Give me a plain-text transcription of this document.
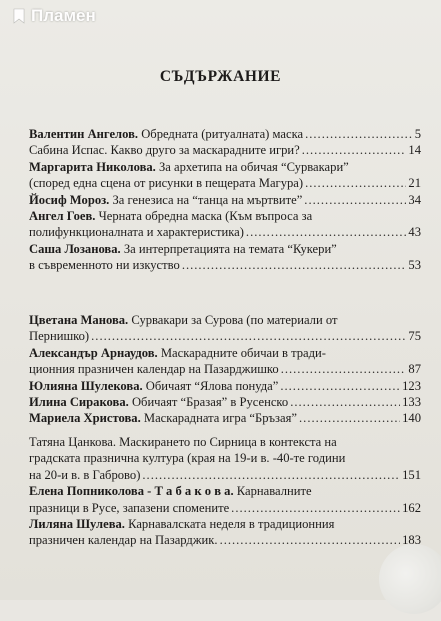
Пламен
СЪДЪРЖАНИЕ
Валентин Ангелов. Обредната (ритуалната) маска .....	5
Сабина Испас. Какво друго за маскарадните игри? .....	14
Маргарита Николова. За архетипа на обичая “Сурвакари”
(според една сцена от рисунки в пещерата Магура) .....	21
Йосиф Мороз. За генезиса на “танца на мъртвите” .....	34
Ангел Гоев. Черната обредна маска (Към въпроса за
полифункционалната и характеристика) .....	43
Саша Лозанова. За интерпретацията на темата “Кукери”
в съвременното ни изкуство .....	53
Цветана Манова. Сурвакари за Сурова (по материали от
Пернишко) .....	75
Александър Арнаудов. Маскарадните обичаи в тради-
ционния празничен календар на Пазарджишко .....	87
Юлияна Шулекова. Обичаят “Ялова понуда” .....	123
Илина Сиракова. Обичаят “Бразая” в Русенско .....	133
Мариела Христова. Маскарадната игра “Бръзая” .....	140
Татяна Цанкова. Маскирането по Сирница в контекста на
градската празнична култура (края на 19-и в. -40-те години
на 20-и в. в Габрово) .....	151
Елена Попниколова - Т а б а к о в а. Карнавалните
празници в Русе, запазени спомените .....	162
Лиляна Шулева. Карнавалската неделя в традиционния
празничен календар на Пазарджик. .....	183
